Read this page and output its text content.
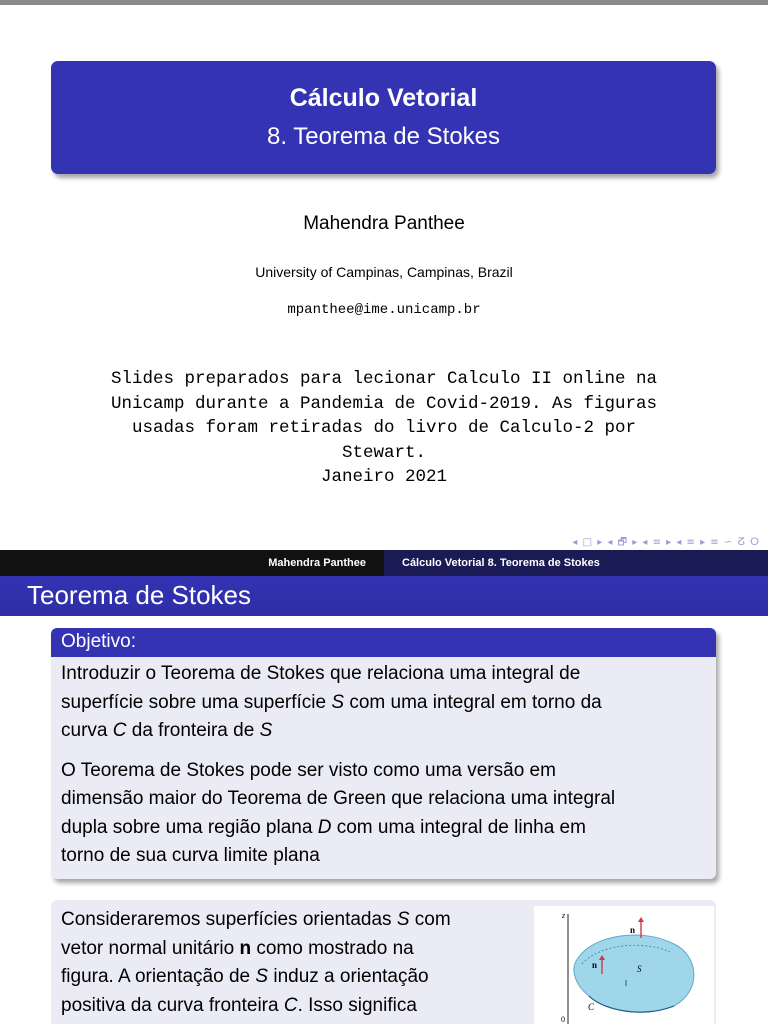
Cálculo Vetorial
8. Teorema de Stokes
Mahendra Panthee
University of Campinas, Campinas, Brazil
mpanthee@ime.unicamp.br
Slides preparados para lecionar Calculo II online na
Unicamp durante a Pandemia de Covid-2019. As figuras
usadas foram retiradas do livro de Calculo-2 por
Stewart.
Janeiro 2021
◂ □ ▸ ◂ 🗗 ▸ ◂ ≡ ▸ ◂ ≡ ▸ ≡ ∽ ⵒ ⵔ
Mahendra Panthee	Cálculo Vetorial 8. Teorema de Stokes
Teorema de Stokes
Objetivo:

Introduzir o Teorema de Stokes que relaciona uma integral de
superfície sobre uma superfície S com uma integral em torno da
curva C da fronteira de S

O Teorema de Stokes pode ser visto como uma versão em
dimensão maior do Teorema de Green que relaciona uma integral
dupla sobre uma região plana D com uma integral de linha em
torno de sua curva limite plana

Consideraremos superfícies orientadas S com
vetor normal unitário n como mostrado na
figura. A orientação de S induz a orientação
positiva da curva fronteira C. Isso significa
z
n
n	S
C
0
